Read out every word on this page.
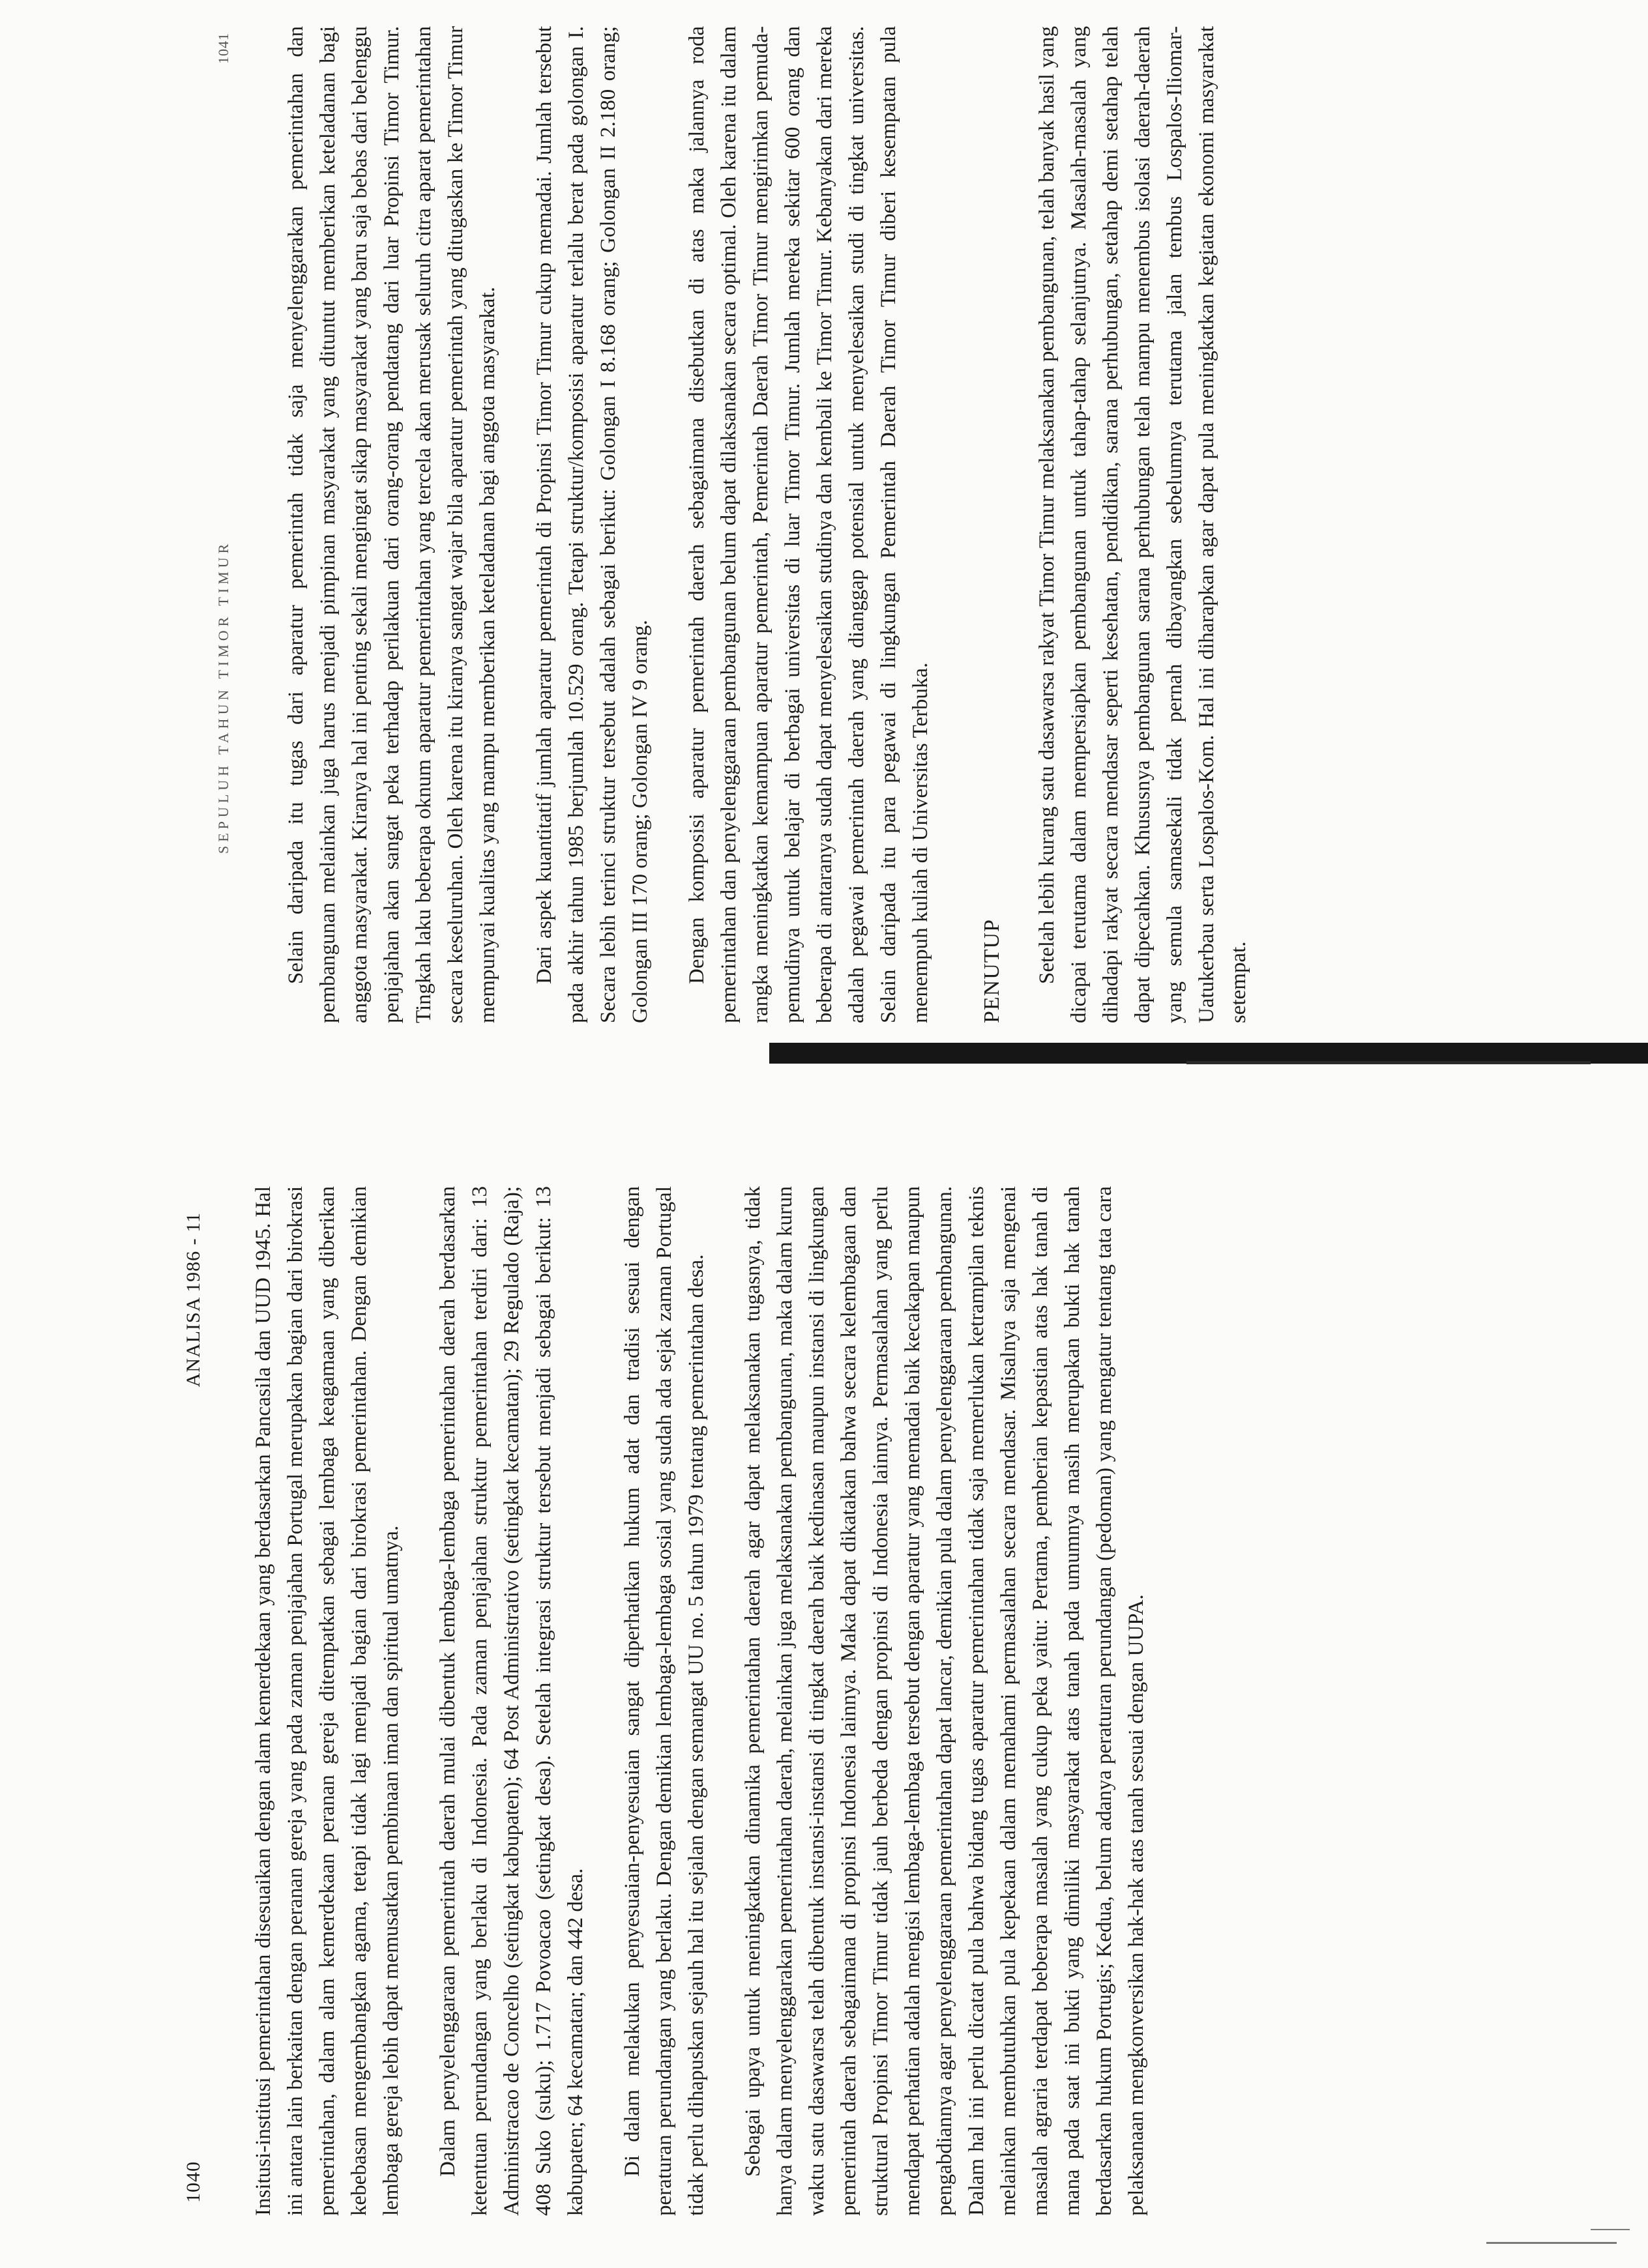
1040
ANALISA 1986 - 11 Insitusi-institusi pemerintahan disesuaikan dengan alam kemerdekaan yang berdasarkan Pancasila dan UUD 1945. Hal ini antara lain berkaitan dengan peranan gereja yang pada zaman penjajahan Portugal merupakan bagian dari birokrasi pemerintahan, dalam alam kemerdekaan peranan gereja ditempatkan sebagai lembaga keagamaan yang diberikan kebebasan mengembangkan agama, tetapi tidak lagi menjadi bagian dari birokrasi pemerintahan. Dengan demikian lembaga gereja lebih dapat memusatkan pembinaan iman dan spiritual umatnya. Dalam penyelenggaraan pemerintah daerah mulai dibentuk lembaga-lembaga pemerintahan daerah berdasarkan ketentuan perundangan yang berlaku di Indonesia. Pada zaman penjajahan struktur pemerintahan terdiri dari: 13 Administracao de Concelho (setingkat kabupaten); 64 Post Administrativo (setingkat kecamatan); 29 Regulado (Raja); 408 Suko (suku); 1.717 Povoacao (setingkat desa). Setelah integrasi struktur tersebut menjadi sebagai berikut: 13 kabupaten; 64 kecamatan; dan 442 desa. Di dalam melakukan penyesuaian-penyesuaian sangat diperhatikan hukum adat dan tradisi sesuai dengan peraturan perundangan yang berlaku. Dengan demikian lembaga-lembaga sosial yang sudah ada sejak zaman Portugal tidak perlu dihapuskan sejauh hal itu sejalan dengan semangat UU no. 5 tahun 1979 tentang pemerintahan desa. Sebagai upaya untuk meningkatkan dinamika pemerintahan daerah agar dapat melaksanakan tugasnya, tidak hanya dalam menyelenggarakan pemerintahan daerah, melainkan juga melaksanakan pembangunan, maka dalam kurun waktu satu dasawarsa telah dibentuk instansi-instansi di tingkat daerah baik kedinasan maupun instansi di lingkungan pemerintah daerah sebagaimana di propinsi Indonesia lainnya. Maka dapat dikatakan bahwa secara kelembagaan dan struktural Propinsi Timor Timur tidak jauh berbeda dengan propinsi di Indonesia lainnya. Permasalahan yang perlu mendapat perhatian adalah mengisi lembaga-lembaga tersebut dengan aparatur yang memadai baik kecakapan maupun pengabdiannya agar penyelenggaraan pemerintahan dapat lancar, demikian pula dalam penyelenggaraan pembangunan. Dalam hal ini perlu dicatat pula bahwa bidang tugas aparatur pemerintahan tidak saja memerlukan ketrampilan teknis melainkan membutuhkan pula kepekaan dalam memahami permasalahan secara mendasar. Misalnya saja mengenai masalah agraria terdapat beberapa masalah yang cukup peka yaitu: Pertama, pemberian kepastian atas hak tanah di mana pada saat ini bukti yang dimiliki masyarakat atas tanah pada umumnya masih merupakan bukti hak tanah berdasarkan hukum Portugis; Kedua, belum adanya peraturan perundangan (pedoman) yang mengatur tentang tata cara pelaksanaan mengkonversikan hak-hak atas tanah sesuai dengan UUPA.

SEPULUH TAHUN TIMOR TIMUR
1041 Selain daripada itu tugas dari aparatur pemerintah tidak saja menyelenggarakan pemerintahan dan pembangunan melainkan juga harus menjadi pimpinan masyarakat yang dituntut memberikan keteladanan bagi anggota masyarakat. Kiranya hal ini penting sekali mengingat sikap masyarakat yang baru saja bebas dari belenggu penjajahan akan sangat peka terhadap perilakuan dari orang-orang pendatang dari luar Propinsi Timor Timur. Tingkah laku beberapa oknum aparatur pemerintahan yang tercela akan merusak seluruh citra aparat pemerintahan secara keseluruhan. Oleh karena itu kiranya sangat wajar bila aparatur pemerintah yang ditugaskan ke Timor Timur mempunyai kualitas yang mampu memberikan keteladanan bagi anggota masyarakat. Dari aspek kuantitatif jumlah aparatur pemerintah di Propinsi Timor Timur cukup memadai. Jumlah tersebut pada akhir tahun 1985 berjumlah 10.529 orang. Tetapi struktur/komposisi aparatur terlalu berat pada golongan I. Secara lebih terinci struktur tersebut adalah sebagai berikut: Golongan I 8.168 orang; Golongan II 2.180 orang; Golongan III 170 orang; Golongan IV 9 orang. Dengan komposisi aparatur pemerintah daerah sebagaimana disebutkan di atas maka jalannya roda pemerintahan dan penyelenggaraan pembangunan belum dapat dilaksanakan secara optimal. Oleh karena itu dalam rangka meningkatkan kemampuan aparatur pemerintah, Pemerintah Daerah Timor Timur mengirimkan pemuda-pemudinya untuk belajar di berbagai universitas di luar Timor Timur. Jumlah mereka sekitar 600 orang dan beberapa di antaranya sudah dapat menyelesaikan studinya dan kembali ke Timor Timur. Kebanyakan dari mereka adalah pegawai pemerintah daerah yang dianggap potensial untuk menyelesaikan studi di tingkat universitas. Selain daripada itu para pegawai di lingkungan Pemerintah Daerah Timor Timur diberi kesempatan pula menempuh kuliah di Universitas Terbuka. PENUTUP Setelah lebih kurang satu dasawarsa rakyat Timor Timur melaksanakan pembangunan, telah banyak hasil yang dicapai terutama dalam mempersiapkan pembangunan untuk tahap-tahap selanjutnya. Masalah-masalah yang dihadapi rakyat secara mendasar seperti kesehatan, pendidikan, sarana perhubungan, setahap demi setahap telah dapat dipecahkan. Khususnya pembangunan sarana perhubungan telah mampu menembus isolasi daerah-daerah yang semula samasekali tidak pernah dibayangkan sebelumnya terutama jalan tembus Lospalos-Iliomar-Uatukerbau serta Lospalos-Kom. Hal ini diharapkan agar dapat pula meningkatkan kegiatan ekonomi masyarakat setempat.
